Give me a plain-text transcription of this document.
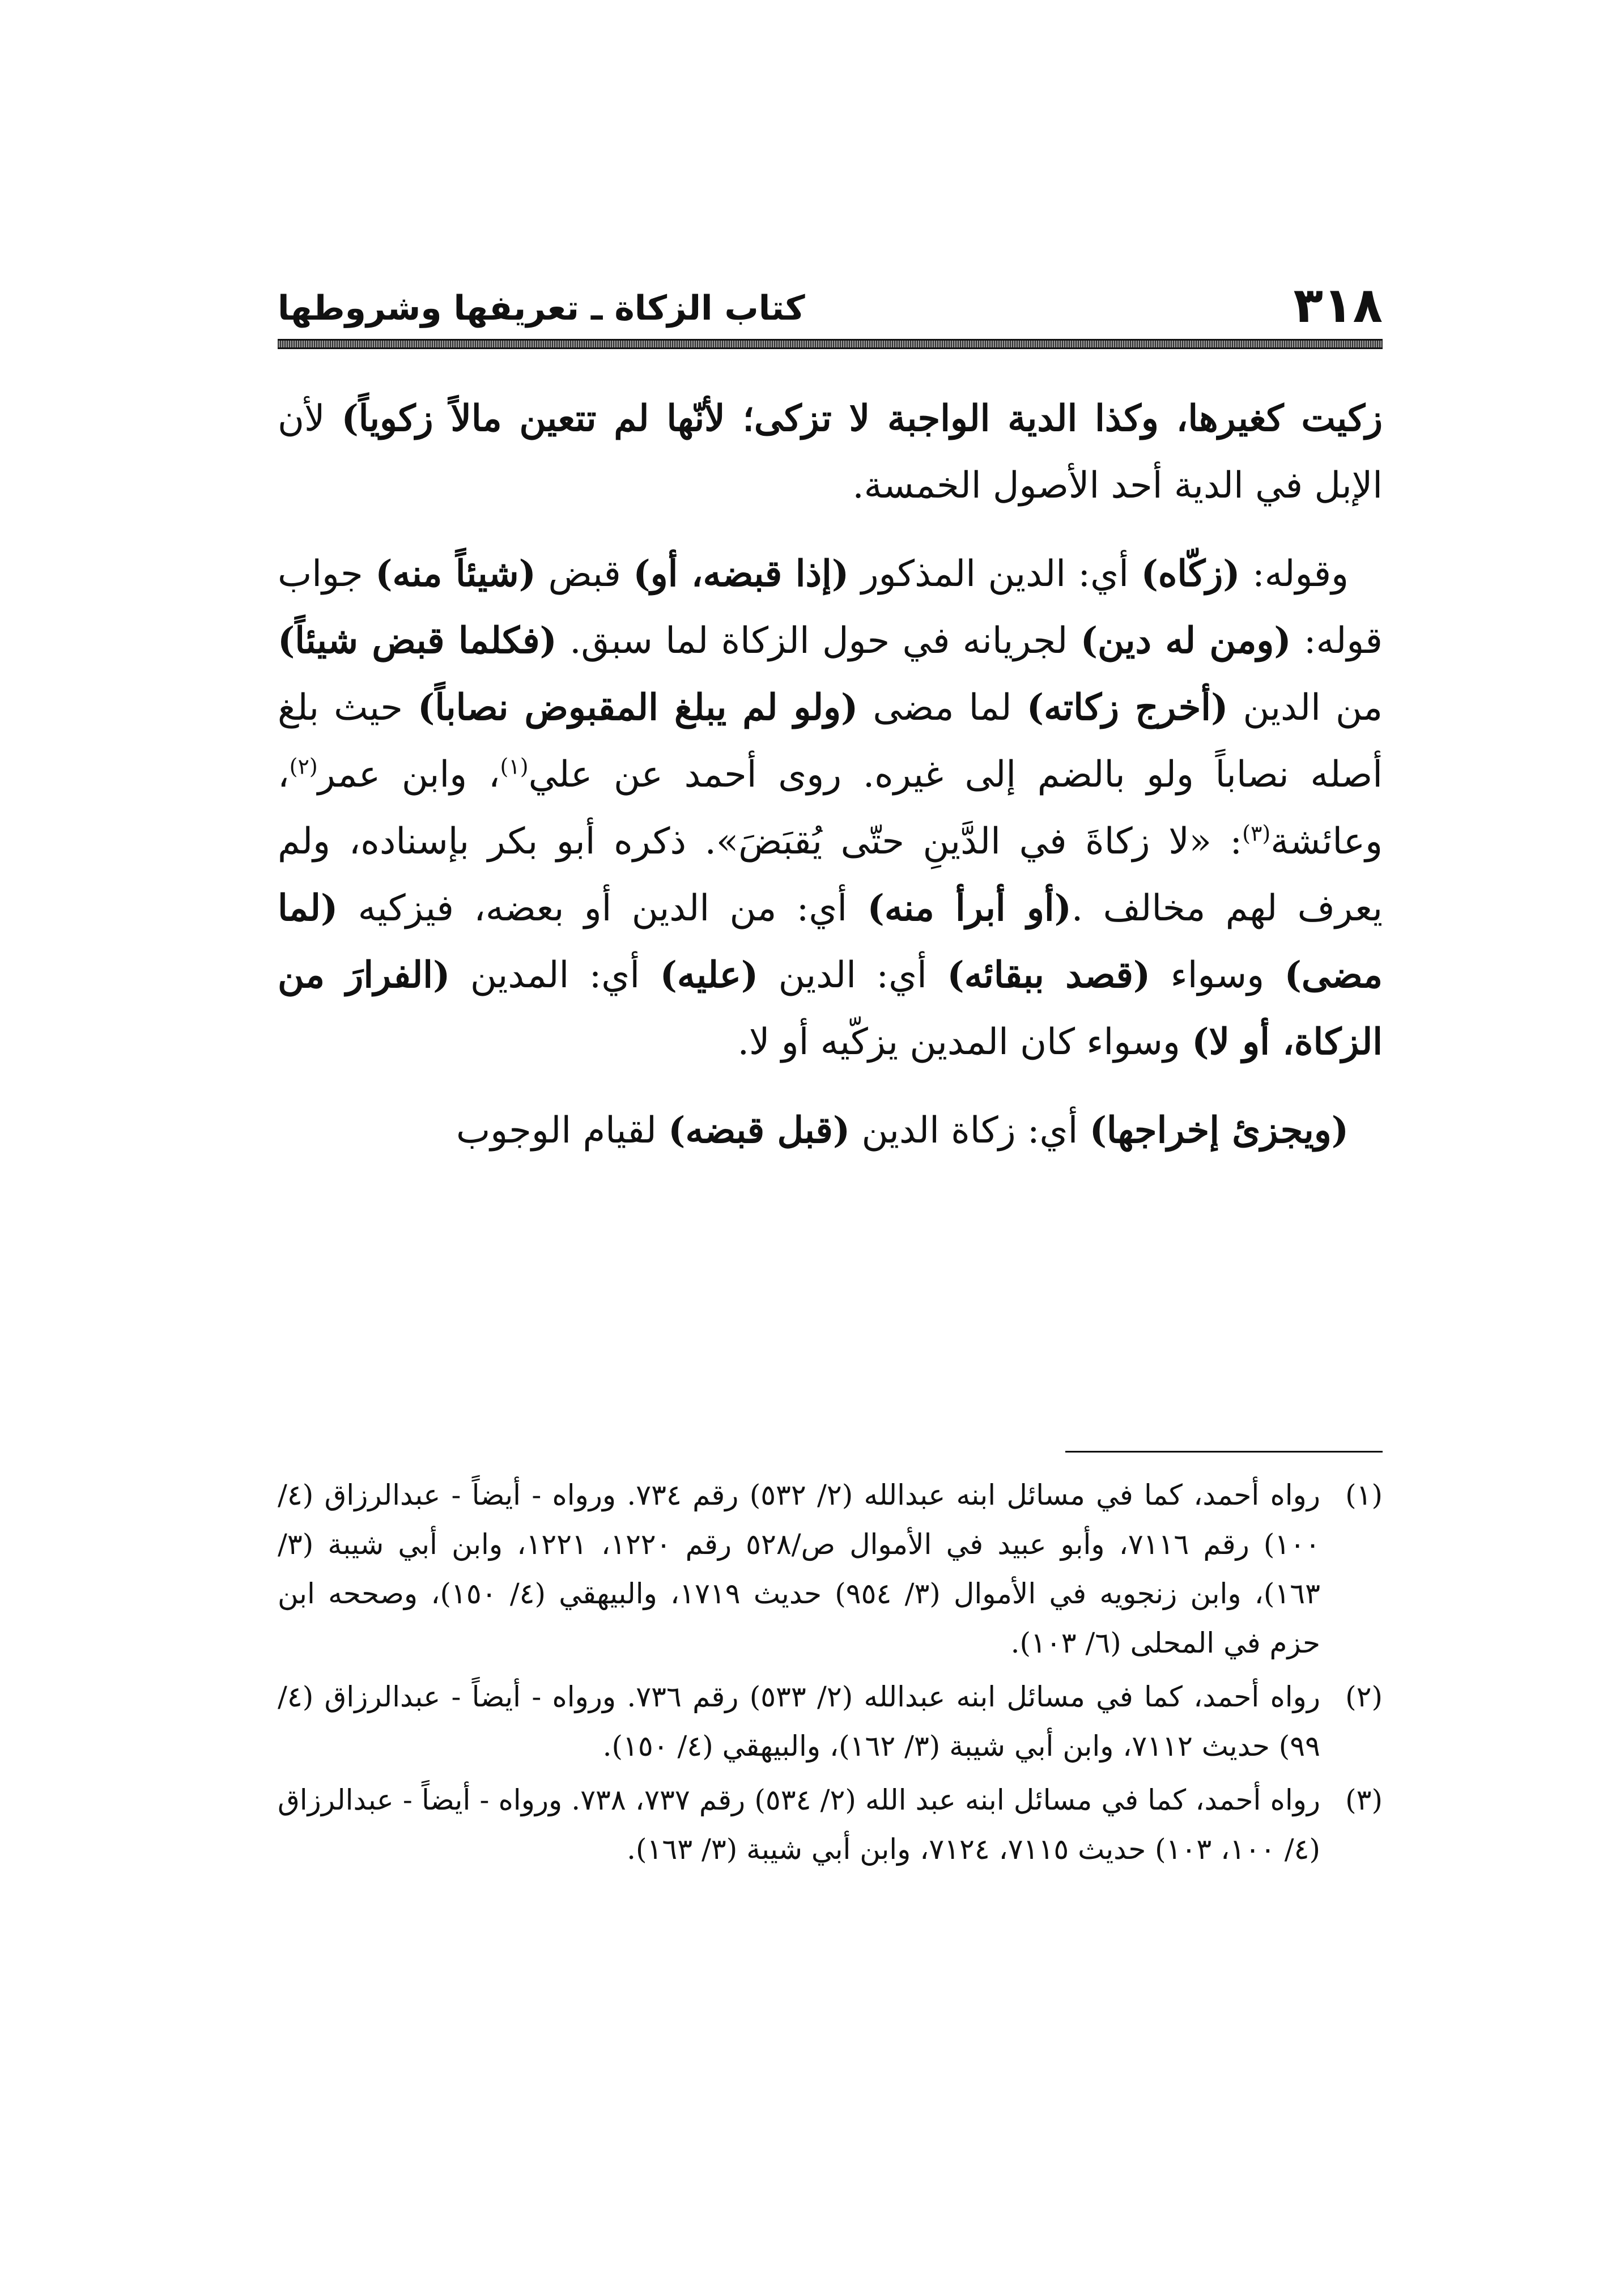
٣١٨
كتاب الزكاة ـ تعريفها وشروطها

زكيت كغيرها، وكذا الدية الواجبة لا تزكى؛ لأنّها لم تتعين مالاً زكوياً) لأن الإبل في الدية أحد الأصول الخمسة.

وقوله: (زكّاه) أي: الدين المذكور (إذا قبضه، أو) قبض (شيئاً منه) جواب قوله: (ومن له دين) لجريانه في حول الزكاة لما سبق. (فكلما قبض شيئاً) من الدين (أخرج زكاته) لما مضى (ولو لم يبلغ المقبوض نصاباً) حيث بلغ أصله نصاباً ولو بالضم إلى غيره. روى أحمد عن علي$^{(١)}$، وابن عمر$^{(٢)}$، وعائشة$^{(٣)}$: «لا زكاةَ في الدَّينِ حتّى يُقبَضَ». ذكره أبو بكر بإسناده، ولم يعرف لهم مخالف .(أو أبرأ منه) أي: من الدين أو بعضه، فيزكيه (لما مضى) وسواء (قصد ببقائه) أي: الدين (عليه) أي: المدين (الفرارَ من الزكاة، أو لا) وسواء كان المدين يزكّيه أو لا.

(ويجزئ إخراجها) أي: زكاة الدين (قبل قبضه) لقيام الوجوب

(١)
رواه أحمد، كما في مسائل ابنه عبدالله (٢/ ٥٣٢) رقم ٧٣٤. ورواه - أيضاً - عبدالرزاق (٤/ ١٠٠) رقم ٧١١٦، وأبو عبيد في الأموال ص/٥٢٨ رقم ١٢٢٠، ١٢٢١، وابن أبي شيبة (٣/ ١٦٣)، وابن زنجويه في الأموال (٣/ ٩٥٤) حديث ١٧١٩، والبيهقي (٤/ ١٥٠)، وصححه ابن حزم في المحلى (٦/ ١٠٣).
(٢)
رواه أحمد، كما في مسائل ابنه عبدالله (٢/ ٥٣٣) رقم ٧٣٦. ورواه - أيضاً - عبدالرزاق (٤/ ٩٩) حديث ٧١١٢، وابن أبي شيبة (٣/ ١٦٢)، والبيهقي (٤/ ١٥٠).
(٣)
رواه أحمد، كما في مسائل ابنه عبد الله (٢/ ٥٣٤) رقم ٧٣٧، ٧٣٨. ورواه - أيضاً - عبدالرزاق (٤/ ١٠٠، ١٠٣) حديث ٧١١٥، ٧١٢٤، وابن أبي شيبة (٣/ ١٦٣).
